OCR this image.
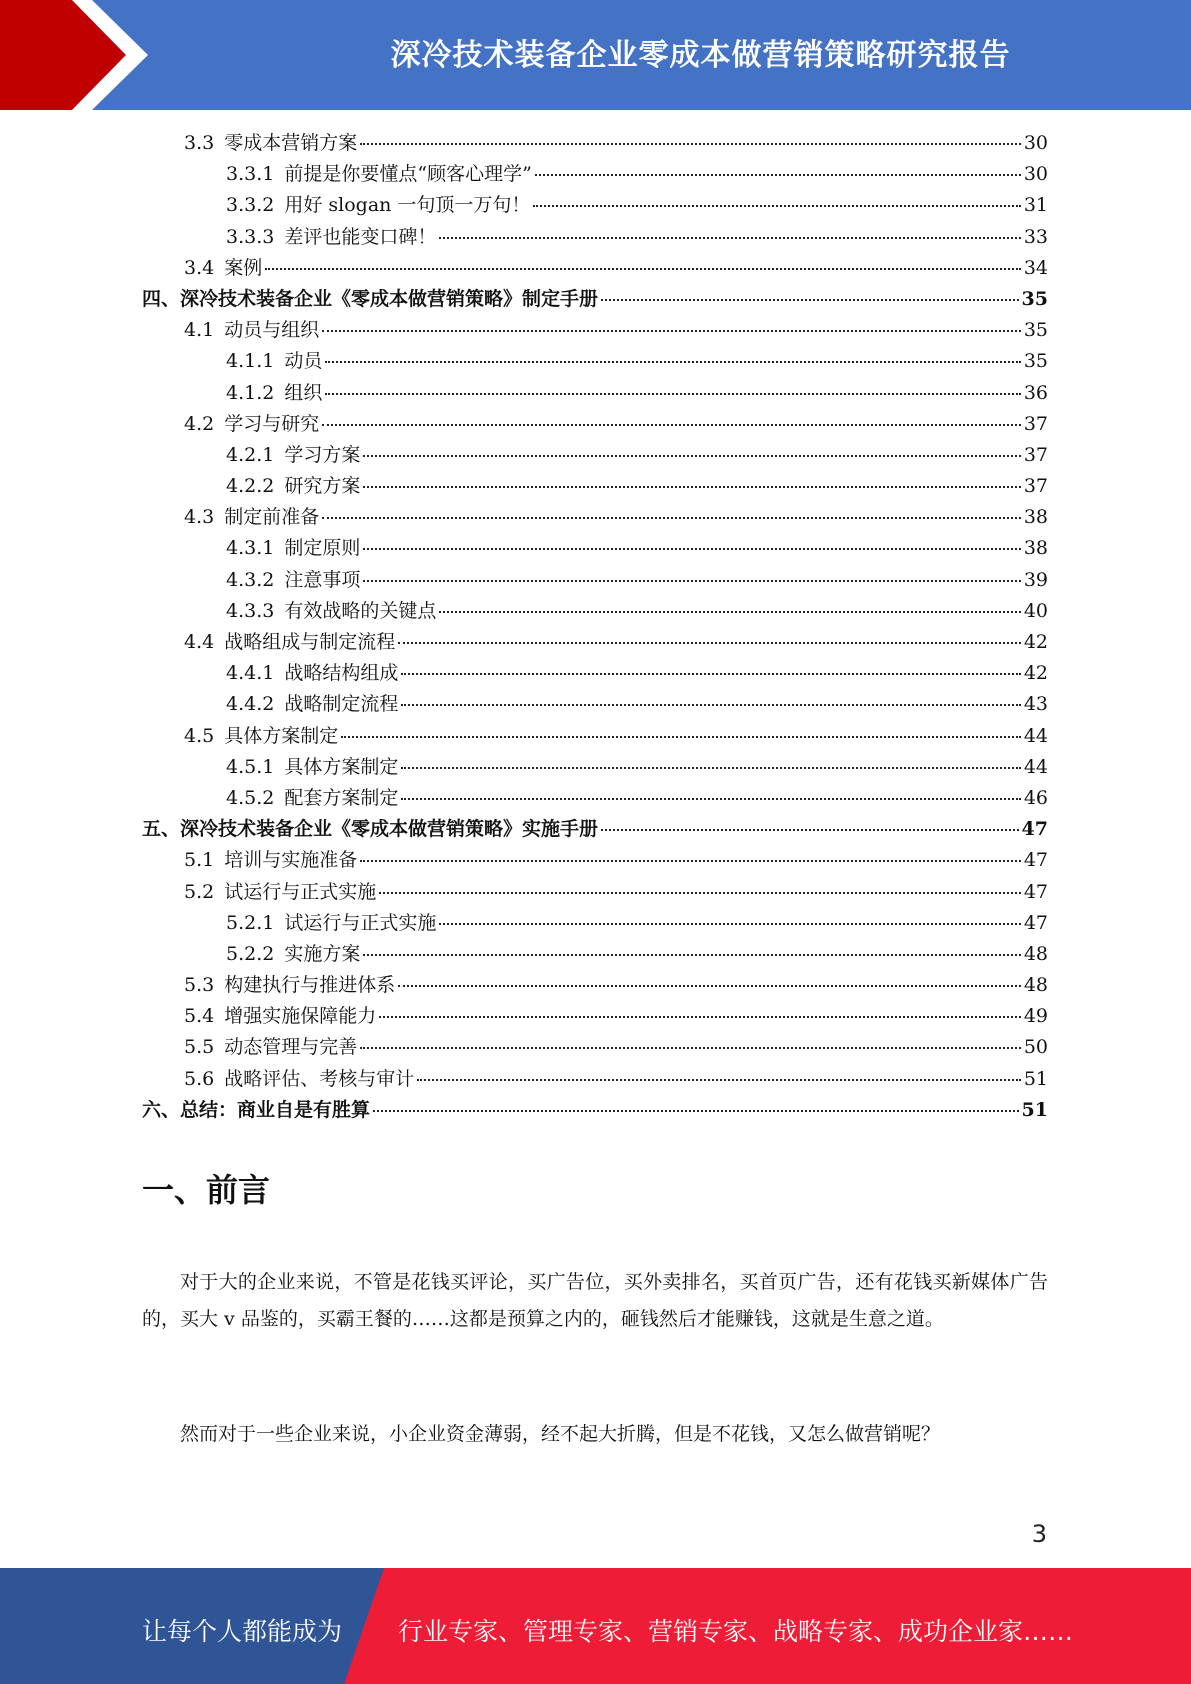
深冷技术装备企业零成本做营销策略研究报告
3.3 零成本营销方案	30
3.3.1 前提是你要懂点“顾客心理学”	30
3.3.2 用好 slogan 一句顶一万句！	31
3.3.3 差评也能变口碑！	33
3.4 案例	34
四、深冷技术装备企业《零成本做营销策略》制定手册	35
4.1 动员与组织	35
4.1.1 动员	35
4.1.2 组织	36
4.2 学习与研究	37
4.2.1 学习方案	37
4.2.2 研究方案	37
4.3 制定前准备	38
4.3.1 制定原则	38
4.3.2 注意事项	39
4.3.3 有效战略的关键点	40
4.4 战略组成与制定流程	42
4.4.1 战略结构组成	42
4.4.2 战略制定流程	43
4.5 具体方案制定	44
4.5.1 具体方案制定	44
4.5.2 配套方案制定	46
五、深冷技术装备企业《零成本做营销策略》实施手册	47
5.1 培训与实施准备	47
5.2 试运行与正式实施	47
5.2.1 试运行与正式实施	47
5.2.2 实施方案	48
5.3 构建执行与推进体系	48
5.4 增强实施保障能力	49
5.5 动态管理与完善	50
5.6 战略评估、考核与审计	51
六、总结：商业自是有胜算	51
一、前言

对于大的企业来说，不管是花钱买评论，买广告位，买外卖排名，买首页广告，还有花钱买新媒体广告的，买大 v 品鉴的，买霸王餐的……这都是预算之内的，砸钱然后才能赚钱，这就是生意之道。

然而对于一些企业来说，小企业资金薄弱，经不起大折腾，但是不花钱，又怎么做营销呢？

3
让每个人都能成为 行业专家、管理专家、营销专家、战略专家、成功企业家……
